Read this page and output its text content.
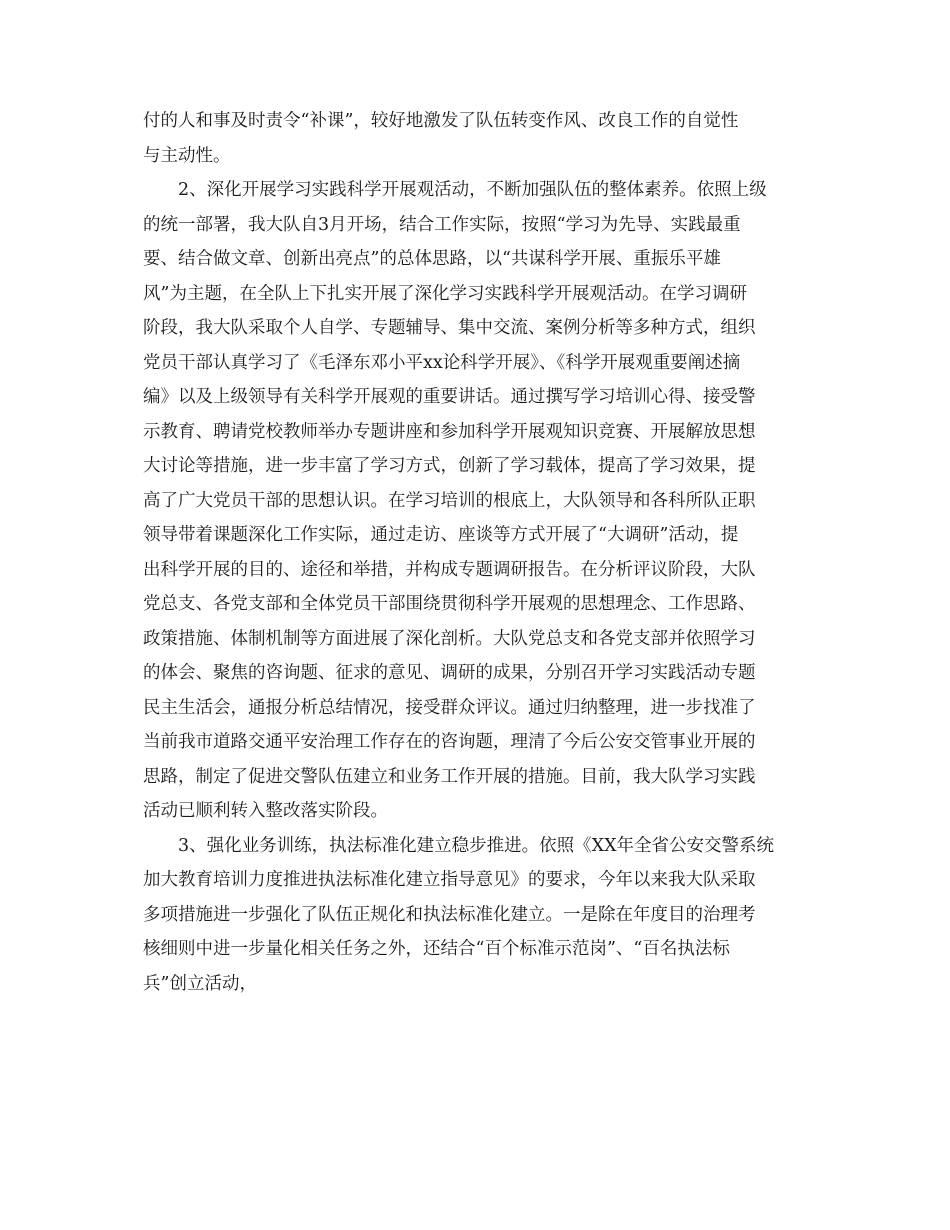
付的人和事及时责令“补课”，较好地激发了队伍转变作风、改良工作的自觉性
与主动性。
2、深化开展学习实践科学开展观活动，不断加强队伍的整体素养。依照上级
的统一部署，我大队自3月开场，结合工作实际，按照“学习为先导、实践最重
要、结合做文章、创新出亮点”的总体思路，以“共谋科学开展、重振乐平雄
风”为主题，在全队上下扎实开展了深化学习实践科学开展观活动。在学习调研
阶段，我大队采取个人自学、专题辅导、集中交流、案例分析等多种方式，组织
党员干部认真学习了《毛泽东邓小平xx论科学开展》、《科学开展观重要阐述摘
编》以及上级领导有关科学开展观的重要讲话。通过撰写学习培训心得、接受警
示教育、聘请党校教师举办专题讲座和参加科学开展观知识竞赛、开展解放思想
大讨论等措施，进一步丰富了学习方式，创新了学习载体，提高了学习效果，提
高了广大党员干部的思想认识。在学习培训的根底上，大队领导和各科所队正职
领导带着课题深化工作实际，通过走访、座谈等方式开展了“大调研”活动，提
出科学开展的目的、途径和举措，并构成专题调研报告。在分析评议阶段，大队
党总支、各党支部和全体党员干部围绕贯彻科学开展观的思想理念、工作思路、
政策措施、体制机制等方面进展了深化剖析。大队党总支和各党支部并依照学习
的体会、聚焦的咨询题、征求的意见、调研的成果，分别召开学习实践活动专题
民主生活会，通报分析总结情况，接受群众评议。通过归纳整理，进一步找准了
当前我市道路交通平安治理工作存在的咨询题，理清了今后公安交管事业开展的
思路，制定了促进交警队伍建立和业务工作开展的措施。目前，我大队学习实践
活动已顺利转入整改落实阶段。
3、强化业务训练，执法标准化建立稳步推进。依照《XX年全省公安交警系统
加大教育培训力度推进执法标准化建立指导意见》的要求，今年以来我大队采取
多项措施进一步强化了队伍正规化和执法标准化建立。一是除在年度目的治理考
核细则中进一步量化相关任务之外，还结合“百个标准示范岗”、“百名执法标
兵”创立活动，
